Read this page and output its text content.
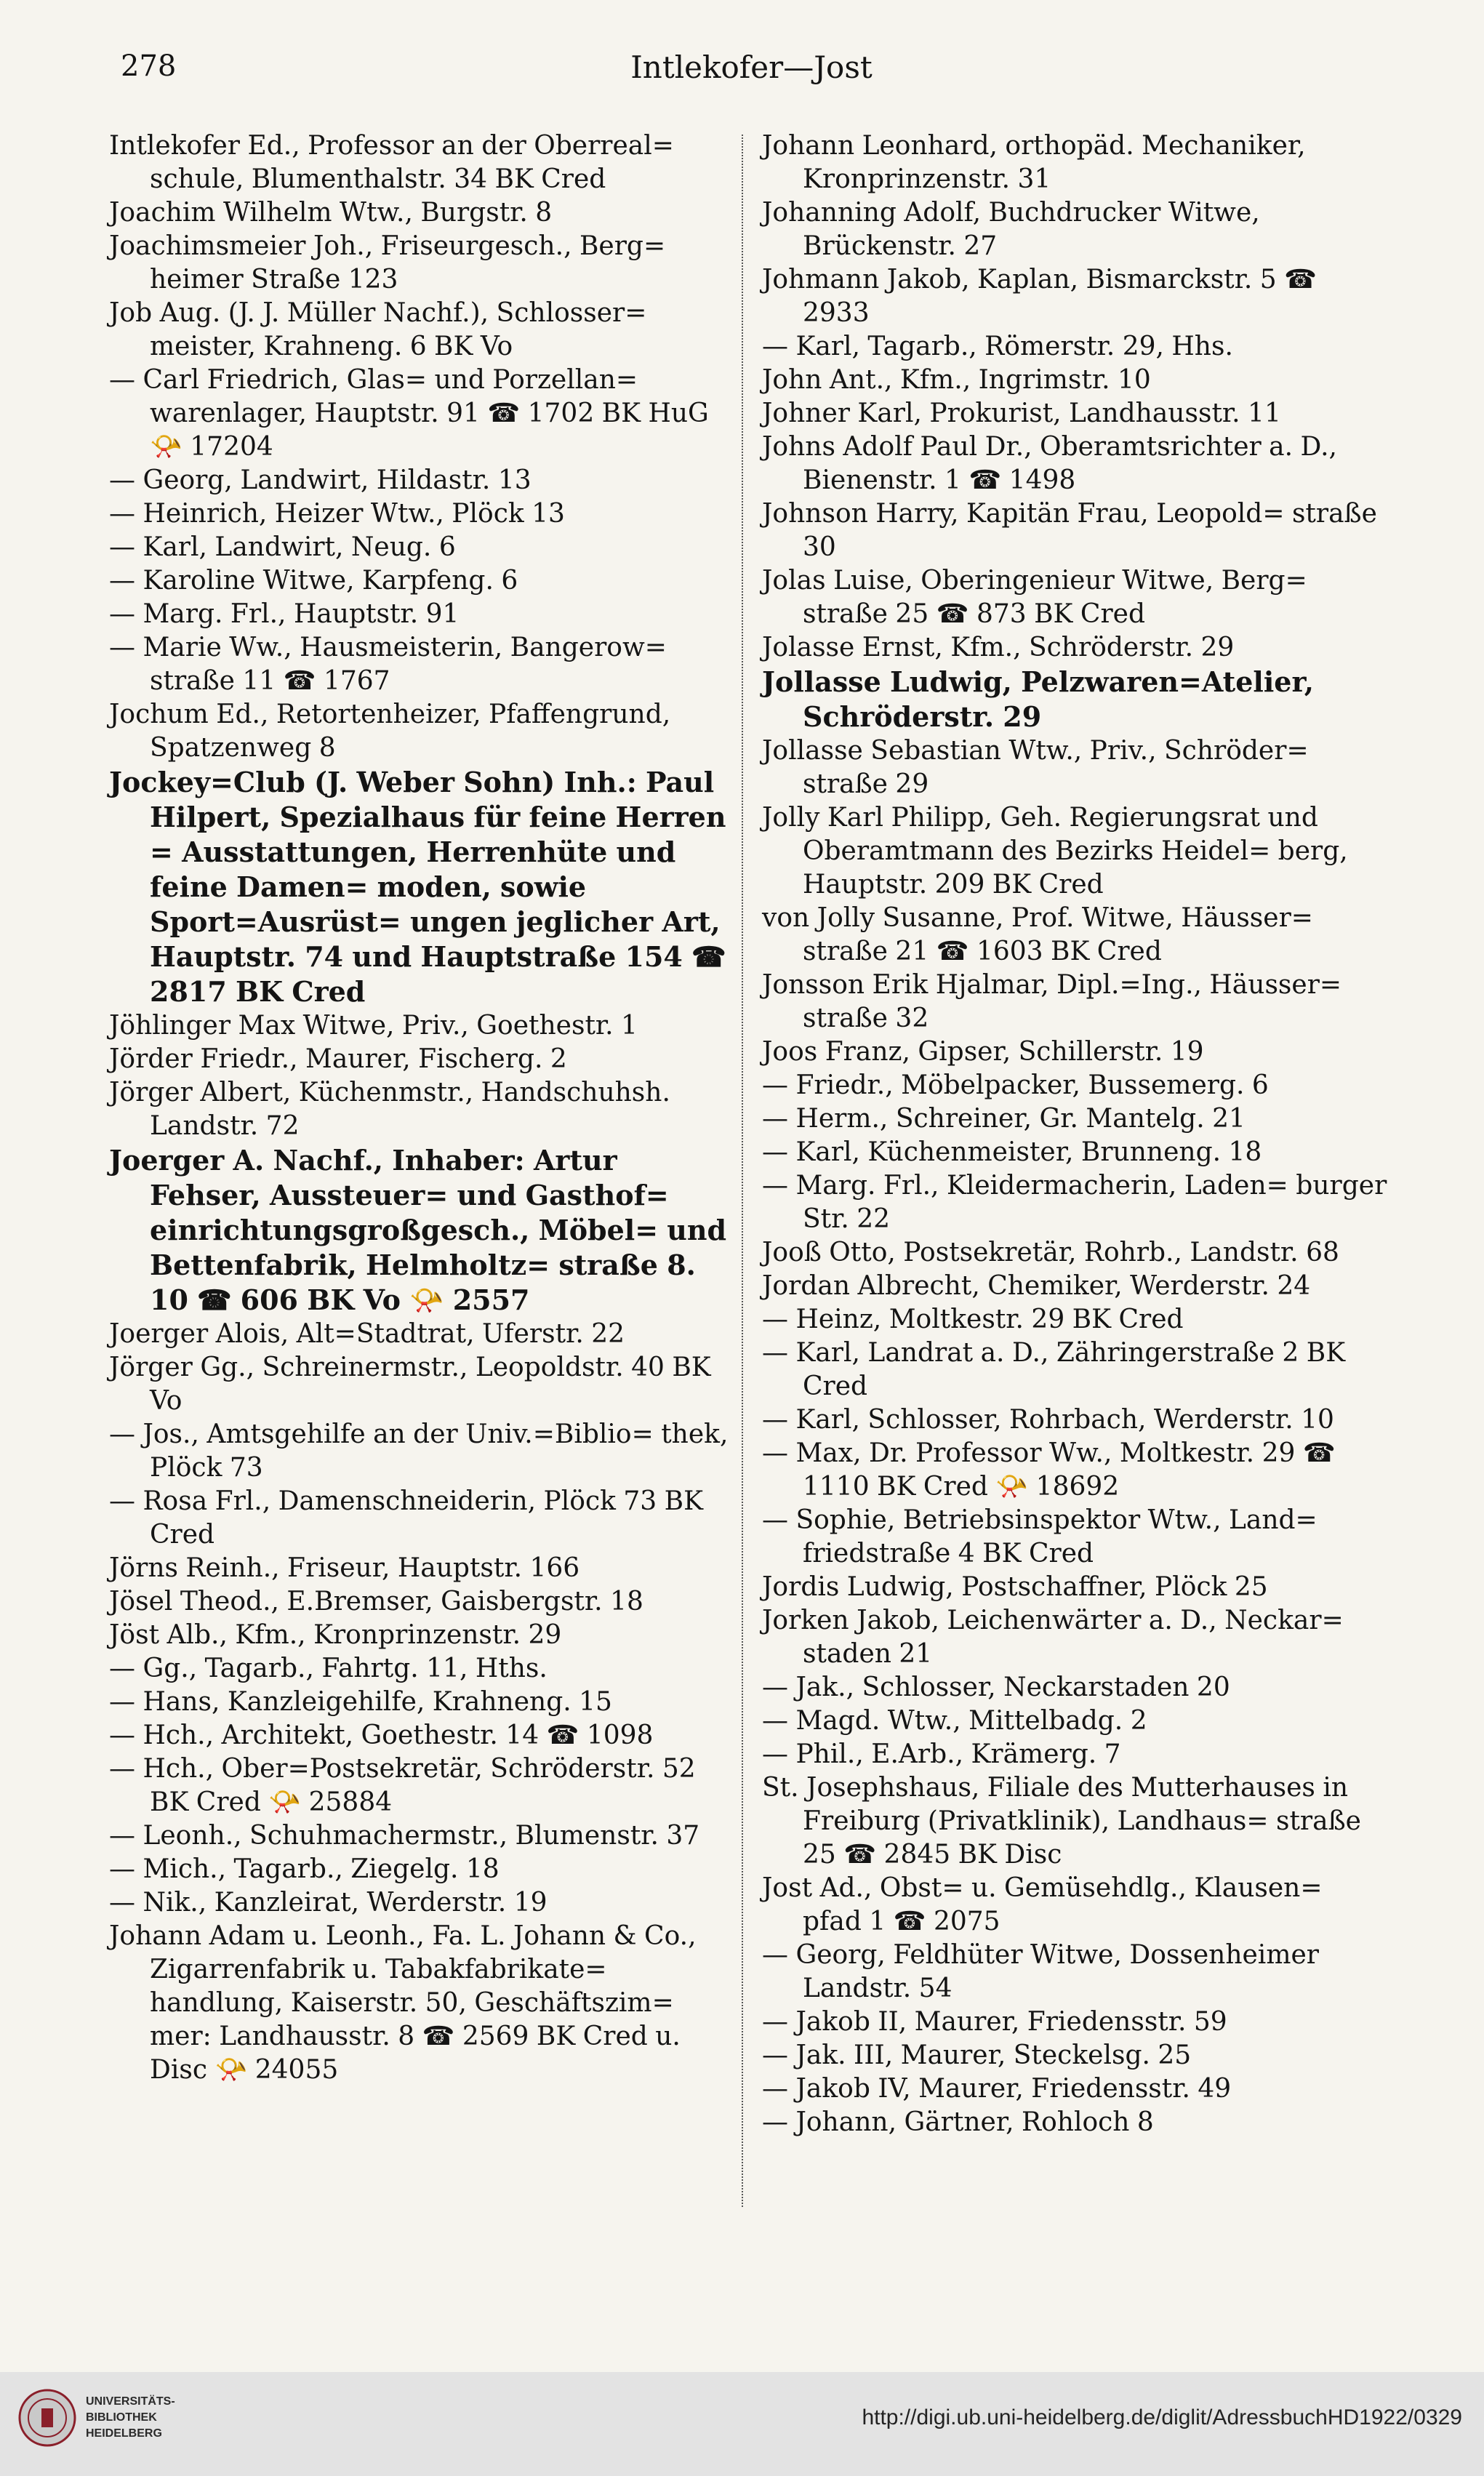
278	Intlekofer—Jost
Intlekofer Ed., Professor an der Oberreal= schule, Blumenthalstr. 34 BK Cred
Joachim Wilhelm Wtw., Burgstr. 8
Joachimsmeier Joh., Friseurgesch., Berg= heimer Straße 123
Job Aug. (J. J. Müller Nachf.), Schlosser= meister, Krahneng. 6 BK Vo
— Carl Friedrich, Glas= und Porzellan= warenlager, Hauptstr. 91 ☎ 1702 BK HuG 📯 17204
— Georg, Landwirt, Hildastr. 13
— Heinrich, Heizer Wtw., Plöck 13
— Karl, Landwirt, Neug. 6
— Karoline Witwe, Karpfeng. 6
— Marg. Frl., Hauptstr. 91
— Marie Ww., Hausmeisterin, Bangerow= straße 11 ☎ 1767
Jochum Ed., Retortenheizer, Pfaffengrund, Spatzenweg 8
Jockey=Club (J. Weber Sohn) Inh.: Paul Hilpert, Spezialhaus für feine Herren = Ausstattungen, Herrenhüte und feine Damen= moden, sowie Sport=Ausrüst= ungen jeglicher Art, Hauptstr. 74 und Hauptstraße 154 ☎ 2817 BK Cred
Jöhlinger Max Witwe, Priv., Goethestr. 1
Jörder Friedr., Maurer, Fischerg. 2
Jörger Albert, Küchenmstr., Handschuhsh. Landstr. 72
Joerger A. Nachf., Inhaber: Artur Fehser, Aussteuer= und Gasthof= einrichtungsgroßgesch., Möbel= und Bettenfabrik, Helmholtz= straße 8. 10 ☎ 606 BK Vo 📯 2557
Joerger Alois, Alt=Stadtrat, Uferstr. 22
Jörger Gg., Schreinermstr., Leopoldstr. 40 BK Vo
— Jos., Amtsgehilfe an der Univ.=Biblio= thek, Plöck 73
— Rosa Frl., Damenschneiderin, Plöck 73 BK Cred
Jörns Reinh., Friseur, Hauptstr. 166
Jösel Theod., E.Bremser, Gaisbergstr. 18
Jöst Alb., Kfm., Kronprinzenstr. 29
— Gg., Tagarb., Fahrtg. 11, Hths.
— Hans, Kanzleigehilfe, Krahneng. 15
— Hch., Architekt, Goethestr. 14 ☎ 1098
— Hch., Ober=Postsekretär, Schröderstr. 52 BK Cred 📯 25884
— Leonh., Schuhmachermstr., Blumenstr. 37
— Mich., Tagarb., Ziegelg. 18
— Nik., Kanzleirat, Werderstr. 19
Johann Adam u. Leonh., Fa. L. Johann & Co., Zigarrenfabrik u. Tabakfabrikate= handlung, Kaiserstr. 50, Geschäftszim= mer: Landhausstr. 8 ☎ 2569 BK Cred u. Disc 📯 24055
Johann Leonhard, orthopäd. Mechaniker, Kronprinzenstr. 31
Johanning Adolf, Buchdrucker Witwe, Brückenstr. 27
Johmann Jakob, Kaplan, Bismarckstr. 5 ☎ 2933
— Karl, Tagarb., Römerstr. 29, Hhs.
John Ant., Kfm., Ingrimstr. 10
Johner Karl, Prokurist, Landhausstr. 11
Johns Adolf Paul Dr., Oberamtsrichter a. D., Bienenstr. 1 ☎ 1498
Johnson Harry, Kapitän Frau, Leopold= straße 30
Jolas Luise, Oberingenieur Witwe, Berg= straße 25 ☎ 873 BK Cred
Jolasse Ernst, Kfm., Schröderstr. 29
Jollasse Ludwig, Pelzwaren=Atelier, Schröderstr. 29
Jollasse Sebastian Wtw., Priv., Schröder= straße 29
Jolly Karl Philipp, Geh. Regierungsrat und Oberamtmann des Bezirks Heidel= berg, Hauptstr. 209 BK Cred
von Jolly Susanne, Prof. Witwe, Häusser= straße 21 ☎ 1603 BK Cred
Jonsson Erik Hjalmar, Dipl.=Ing., Häusser= straße 32
Joos Franz, Gipser, Schillerstr. 19
— Friedr., Möbelpacker, Bussemerg. 6
— Herm., Schreiner, Gr. Mantelg. 21
— Karl, Küchenmeister, Brunneng. 18
— Marg. Frl., Kleidermacherin, Laden= burger Str. 22
Jooß Otto, Postsekretär, Rohrb., Landstr. 68
Jordan Albrecht, Chemiker, Werderstr. 24
— Heinz, Moltkestr. 29 BK Cred
— Karl, Landrat a. D., Zähringerstraße 2 BK Cred
— Karl, Schlosser, Rohrbach, Werderstr. 10
— Max, Dr. Professor Ww., Moltkestr. 29 ☎ 1110 BK Cred 📯 18692
— Sophie, Betriebsinspektor Wtw., Land= friedstraße 4 BK Cred
Jordis Ludwig, Postschaffner, Plöck 25
Jorken Jakob, Leichenwärter a. D., Neckar= staden 21
— Jak., Schlosser, Neckarstaden 20
— Magd. Wtw., Mittelbadg. 2
— Phil., E.Arb., Krämerg. 7
St. Josephshaus, Filiale des Mutterhauses in Freiburg (Privatklinik), Landhaus= straße 25 ☎ 2845 BK Disc
Jost Ad., Obst= u. Gemüsehdlg., Klausen= pfad 1 ☎ 2075
— Georg, Feldhüter Witwe, Dossenheimer Landstr. 54
— Jakob II, Maurer, Friedensstr. 59
— Jak. III, Maurer, Steckelsg. 25
— Jakob IV, Maurer, Friedensstr. 49
— Johann, Gärtner, Rohloch 8
UNIVERSITÄTS-
BIBLIOTHEK
HEIDELBERG
http://digi.ub.uni-heidelberg.de/diglit/AdressbuchHD1922/0329
